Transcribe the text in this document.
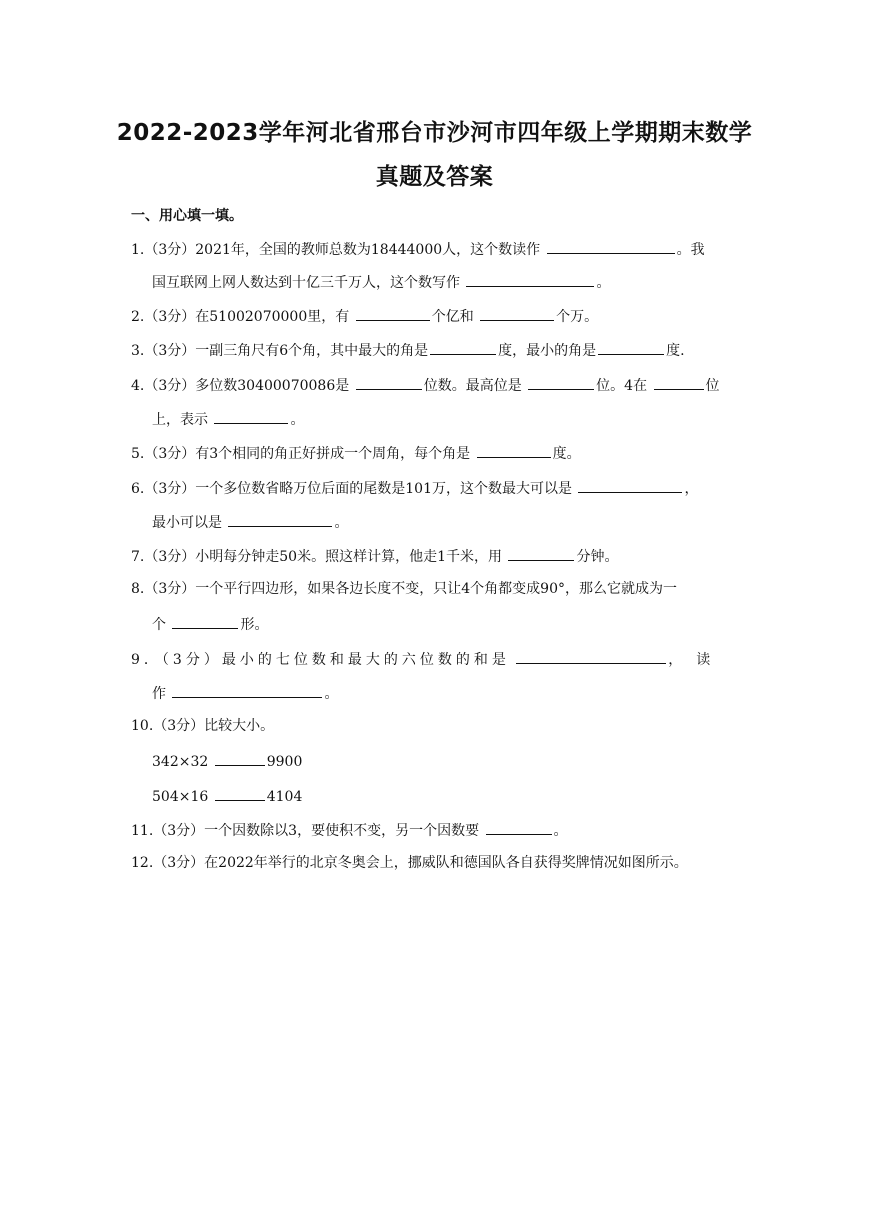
2022-2023学年河北省邢台市沙河市四年级上学期期末数学
真题及答案
一、用心填一填。
1.（3分）2021年，全国的教师总数为18444000人，这个数读作	。我
国互联网上网人数达到十亿三千万人，这个数写作	。
2.（3分）在51002070000里，有	个亿和	个万。
3.（3分）一副三角尺有6个角，其中最大的角是	度，最小的角是	度.
4.（3分）多位数30400070086是	位数。最高位是	位。4在	位
上，表示	。
5.（3分）有3个相同的角正好拼成一个周角，每个角是	度。
6.（3分）一个多位数省略万位后面的尾数是101万，这个数最大可以是	，
最小可以是	。
7.（3分）小明每分钟走50米。照这样计算，他走1千米，用	分钟。
8.（3分）一个平行四边形，如果各边长度不变，只让4个角都变成90°，那么它就成为一
个	形。
9．（3分）最小的七位数和最大的六位数的和是	，读
作	。
10.（3分）比较大小。
342×32	9900
504×16	4104
11.（3分）一个因数除以3，要使积不变，另一个因数要	。
12.（3分）在2022年举行的北京冬奥会上，挪威队和德国队各自获得奖牌情况如图所示。
